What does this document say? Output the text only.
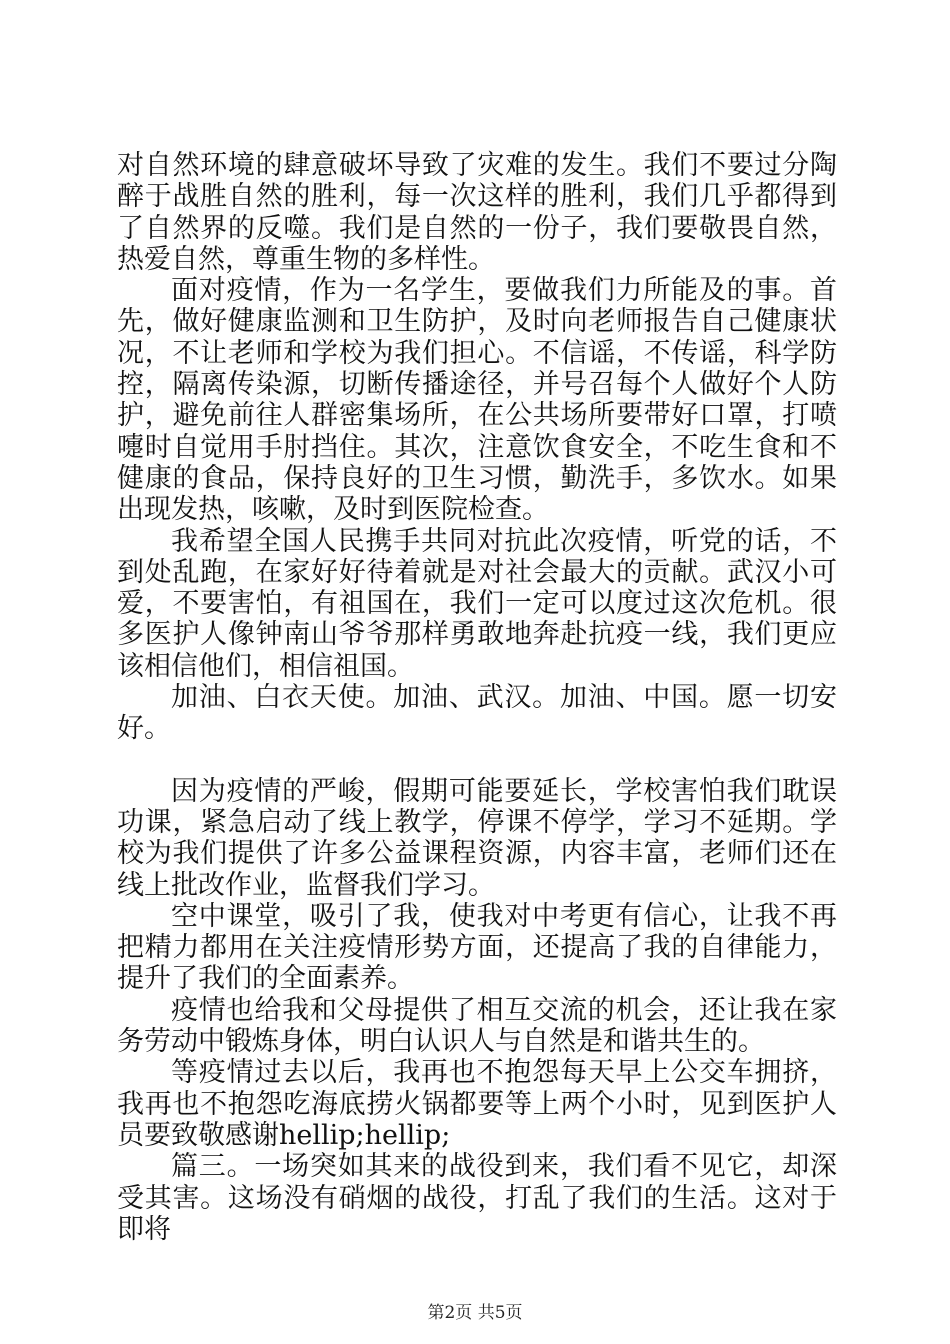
对自然环境的肆意破坏导致了灾难的发生。我们不要过分陶醉于战胜自然的胜利，每一次这样的胜利，我们几乎都得到了自然界的反噬。我们是自然的一份子，我们要敬畏自然，热爱自然，尊重生物的多样性。

面对疫情，作为一名学生，要做我们力所能及的事。首先，做好健康监测和卫生防护，及时向老师报告自己健康状况，不让老师和学校为我们担心。不信谣，不传谣，科学防控，隔离传染源，切断传播途径，并号召每个人做好个人防护，避免前往人群密集场所，在公共场所要带好口罩，打喷嚏时自觉用手肘挡住。其次，注意饮食安全，不吃生食和不健康的食品，保持良好的卫生习惯，勤洗手，多饮水。如果出现发热，咳嗽，及时到医院检查。

我希望全国人民携手共同对抗此次疫情，听党的话，不到处乱跑，在家好好待着就是对社会最大的贡献。武汉小可爱，不要害怕，有祖国在，我们一定可以度过这次危机。很多医护人像钟南山爷爷那样勇敢地奔赴抗疫一线，我们更应该相信他们，相信祖国。

加油、白衣天使。加油、武汉。加油、中国。愿一切安好。

因为疫情的严峻，假期可能要延长，学校害怕我们耽误功课，紧急启动了线上教学，停课不停学，学习不延期。学校为我们提供了许多公益课程资源，内容丰富，老师们还在线上批改作业，监督我们学习。

空中课堂，吸引了我，使我对中考更有信心，让我不再把精力都用在关注疫情形势方面，还提高了我的自律能力，提升了我们的全面素养。

疫情也给我和父母提供了相互交流的机会，还让我在家务劳动中锻炼身体，明白认识人与自然是和谐共生的。

等疫情过去以后，我再也不抱怨每天早上公交车拥挤，我再也不抱怨吃海底捞火锅都要等上两个小时，见到医护人员要致敬感谢hellip;hellip;

篇三。一场突如其来的战役到来，我们看不见它，却深受其害。这场没有硝烟的战役，打乱了我们的生活。这对于即将

第2页 共5页
